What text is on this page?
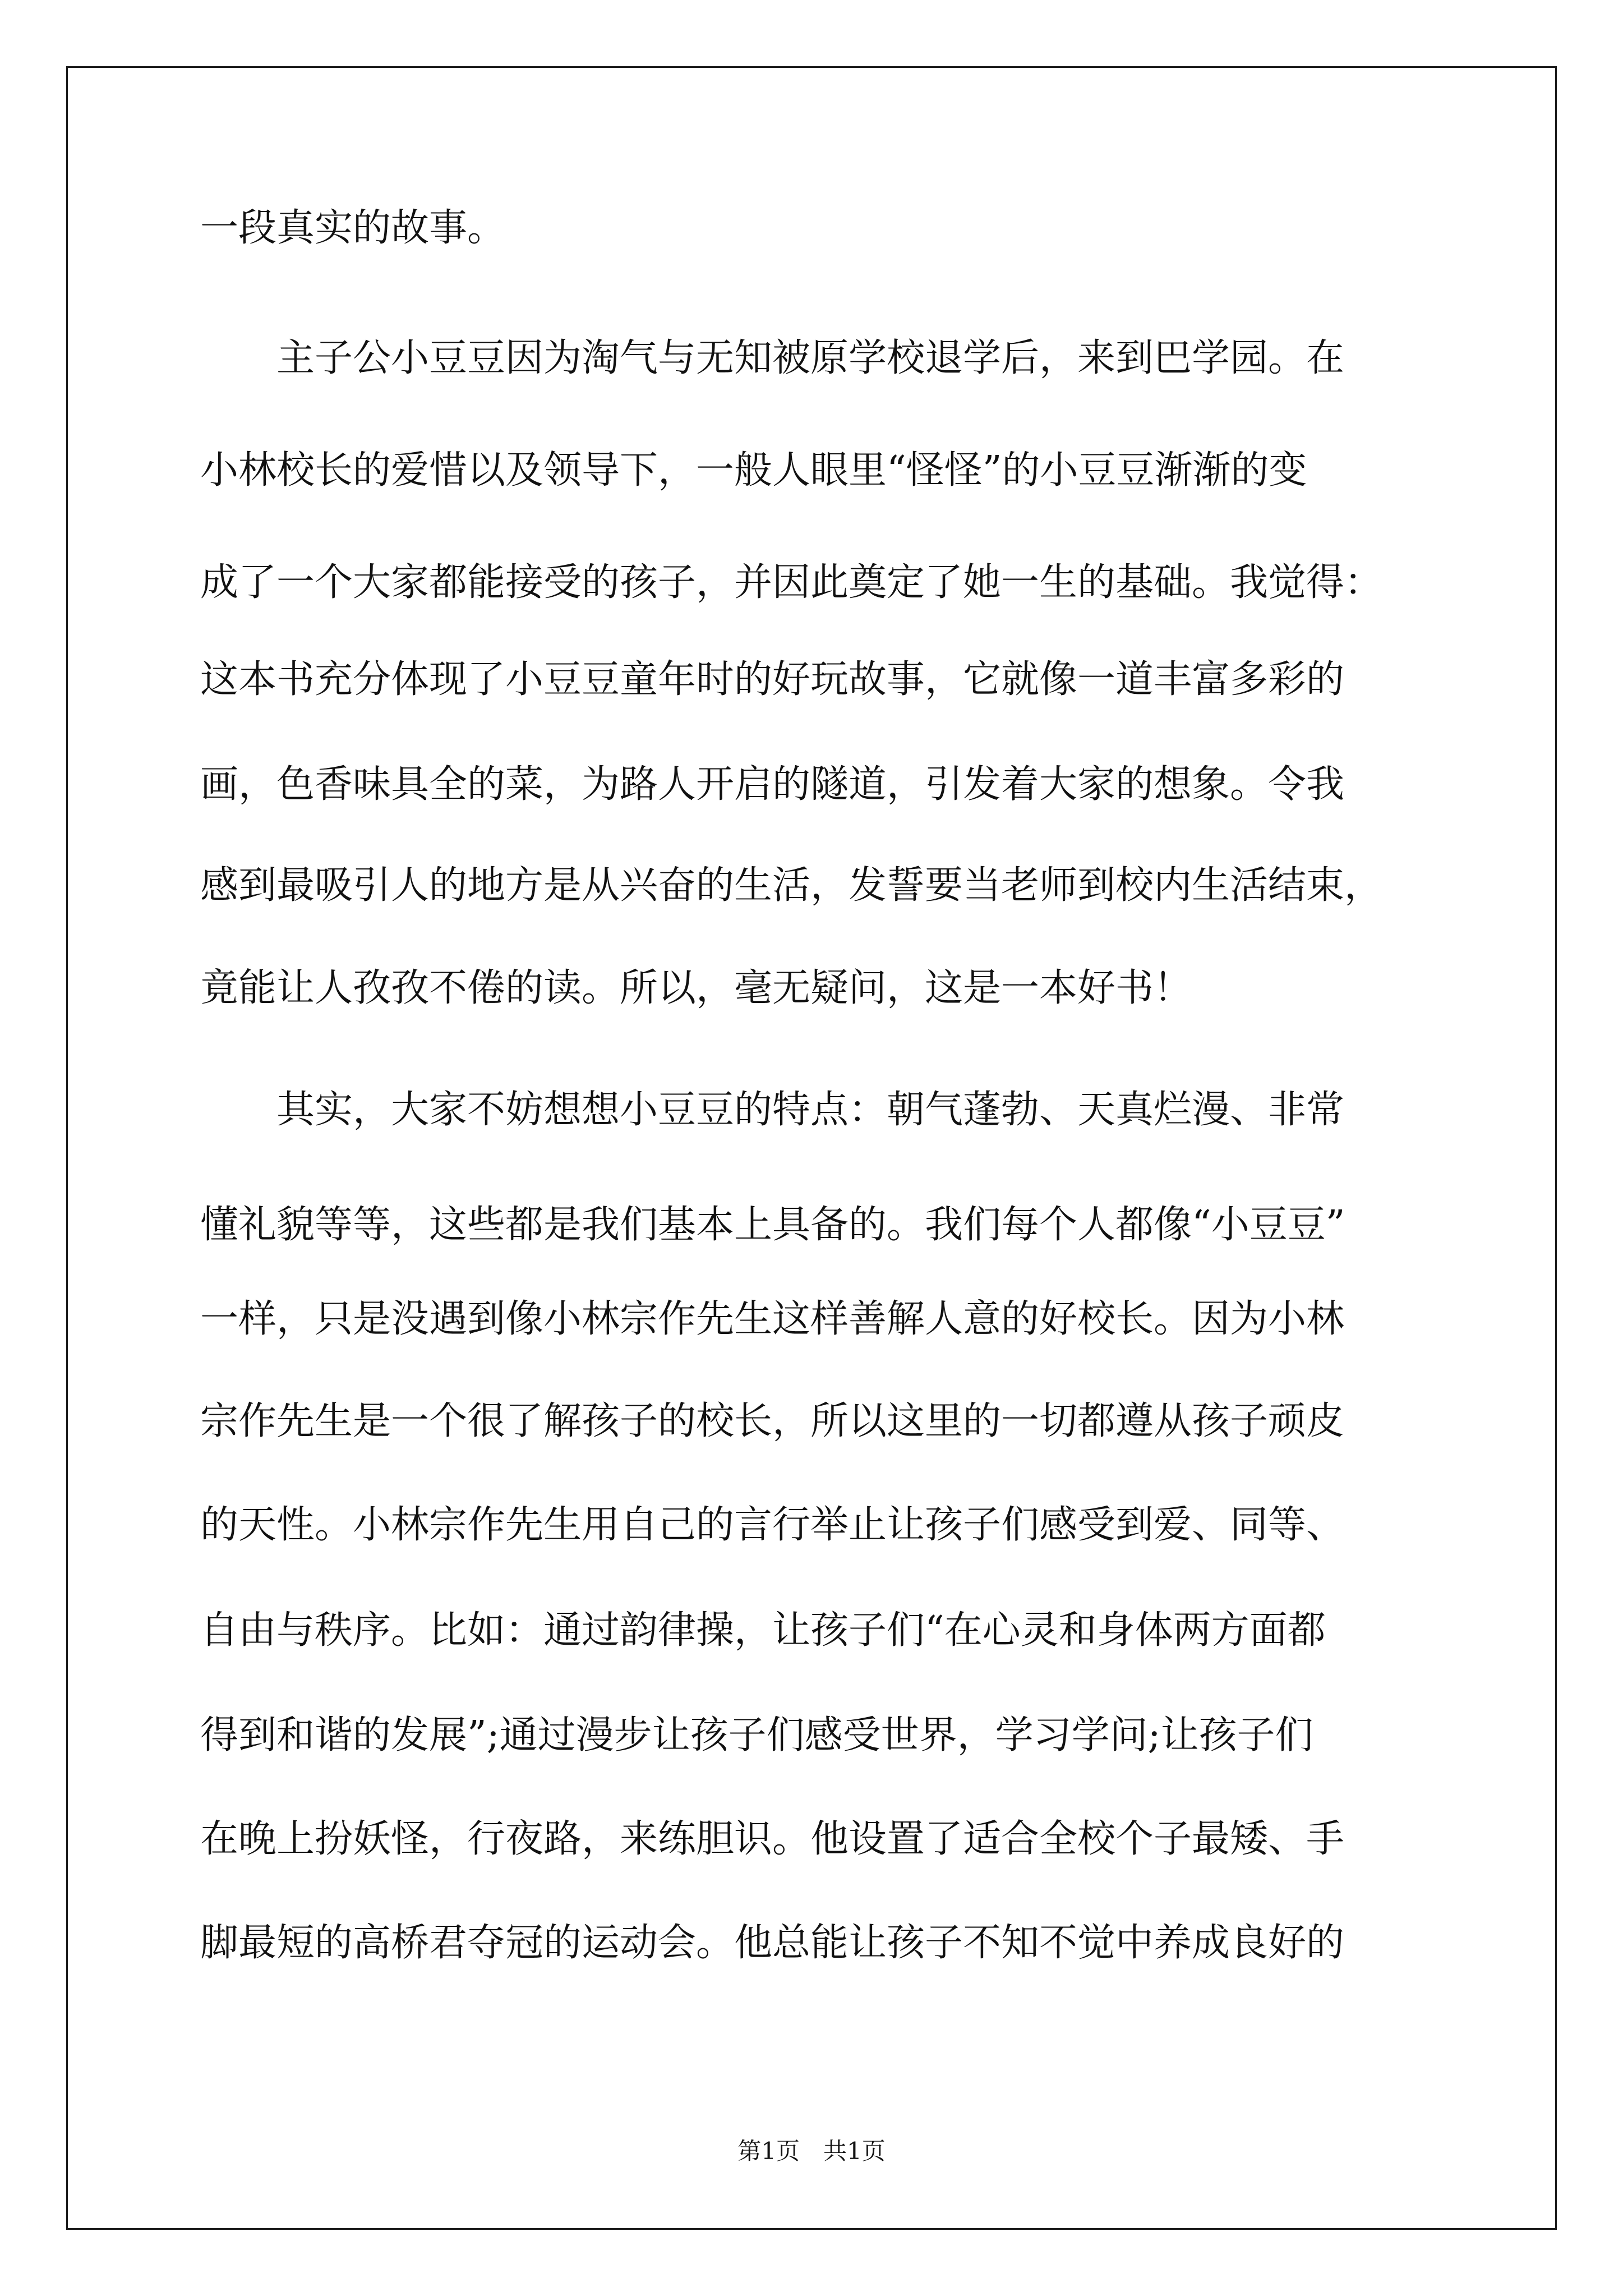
一段真实的故事。
　　主子公小豆豆因为淘气与无知被原学校退学后，来到巴学园。在
小林校长的爱惜以及领导下，一般人眼里“怪怪”的小豆豆渐渐的变
成了一个大家都能接受的孩子，并因此奠定了她一生的基础。我觉得：
这本书充分体现了小豆豆童年时的好玩故事，它就像一道丰富多彩的
画，色香味具全的菜，为路人开启的隧道，引发着大家的想象。令我
感到最吸引人的地方是从兴奋的生活，发誓要当老师到校内生活结束，
竟能让人孜孜不倦的读。所以，毫无疑问，这是一本好书！
　　其实，大家不妨想想小豆豆的特点：朝气蓬勃、天真烂漫、非常
懂礼貌等等，这些都是我们基本上具备的。我们每个人都像“小豆豆”
一样，只是没遇到像小林宗作先生这样善解人意的好校长。因为小林
宗作先生是一个很了解孩子的校长，所以这里的一切都遵从孩子顽皮
的天性。小林宗作先生用自己的言行举止让孩子们感受到爱、同等、
自由与秩序。比如：通过韵律操，让孩子们“在心灵和身体两方面都
得到和谐的发展”;通过漫步让孩子们感受世界，学习学问;让孩子们
在晚上扮妖怪，行夜路，来练胆识。他设置了适合全校个子最矮、手
脚最短的高桥君夺冠的运动会。他总能让孩子不知不觉中养成良好的
第1页　共1页
